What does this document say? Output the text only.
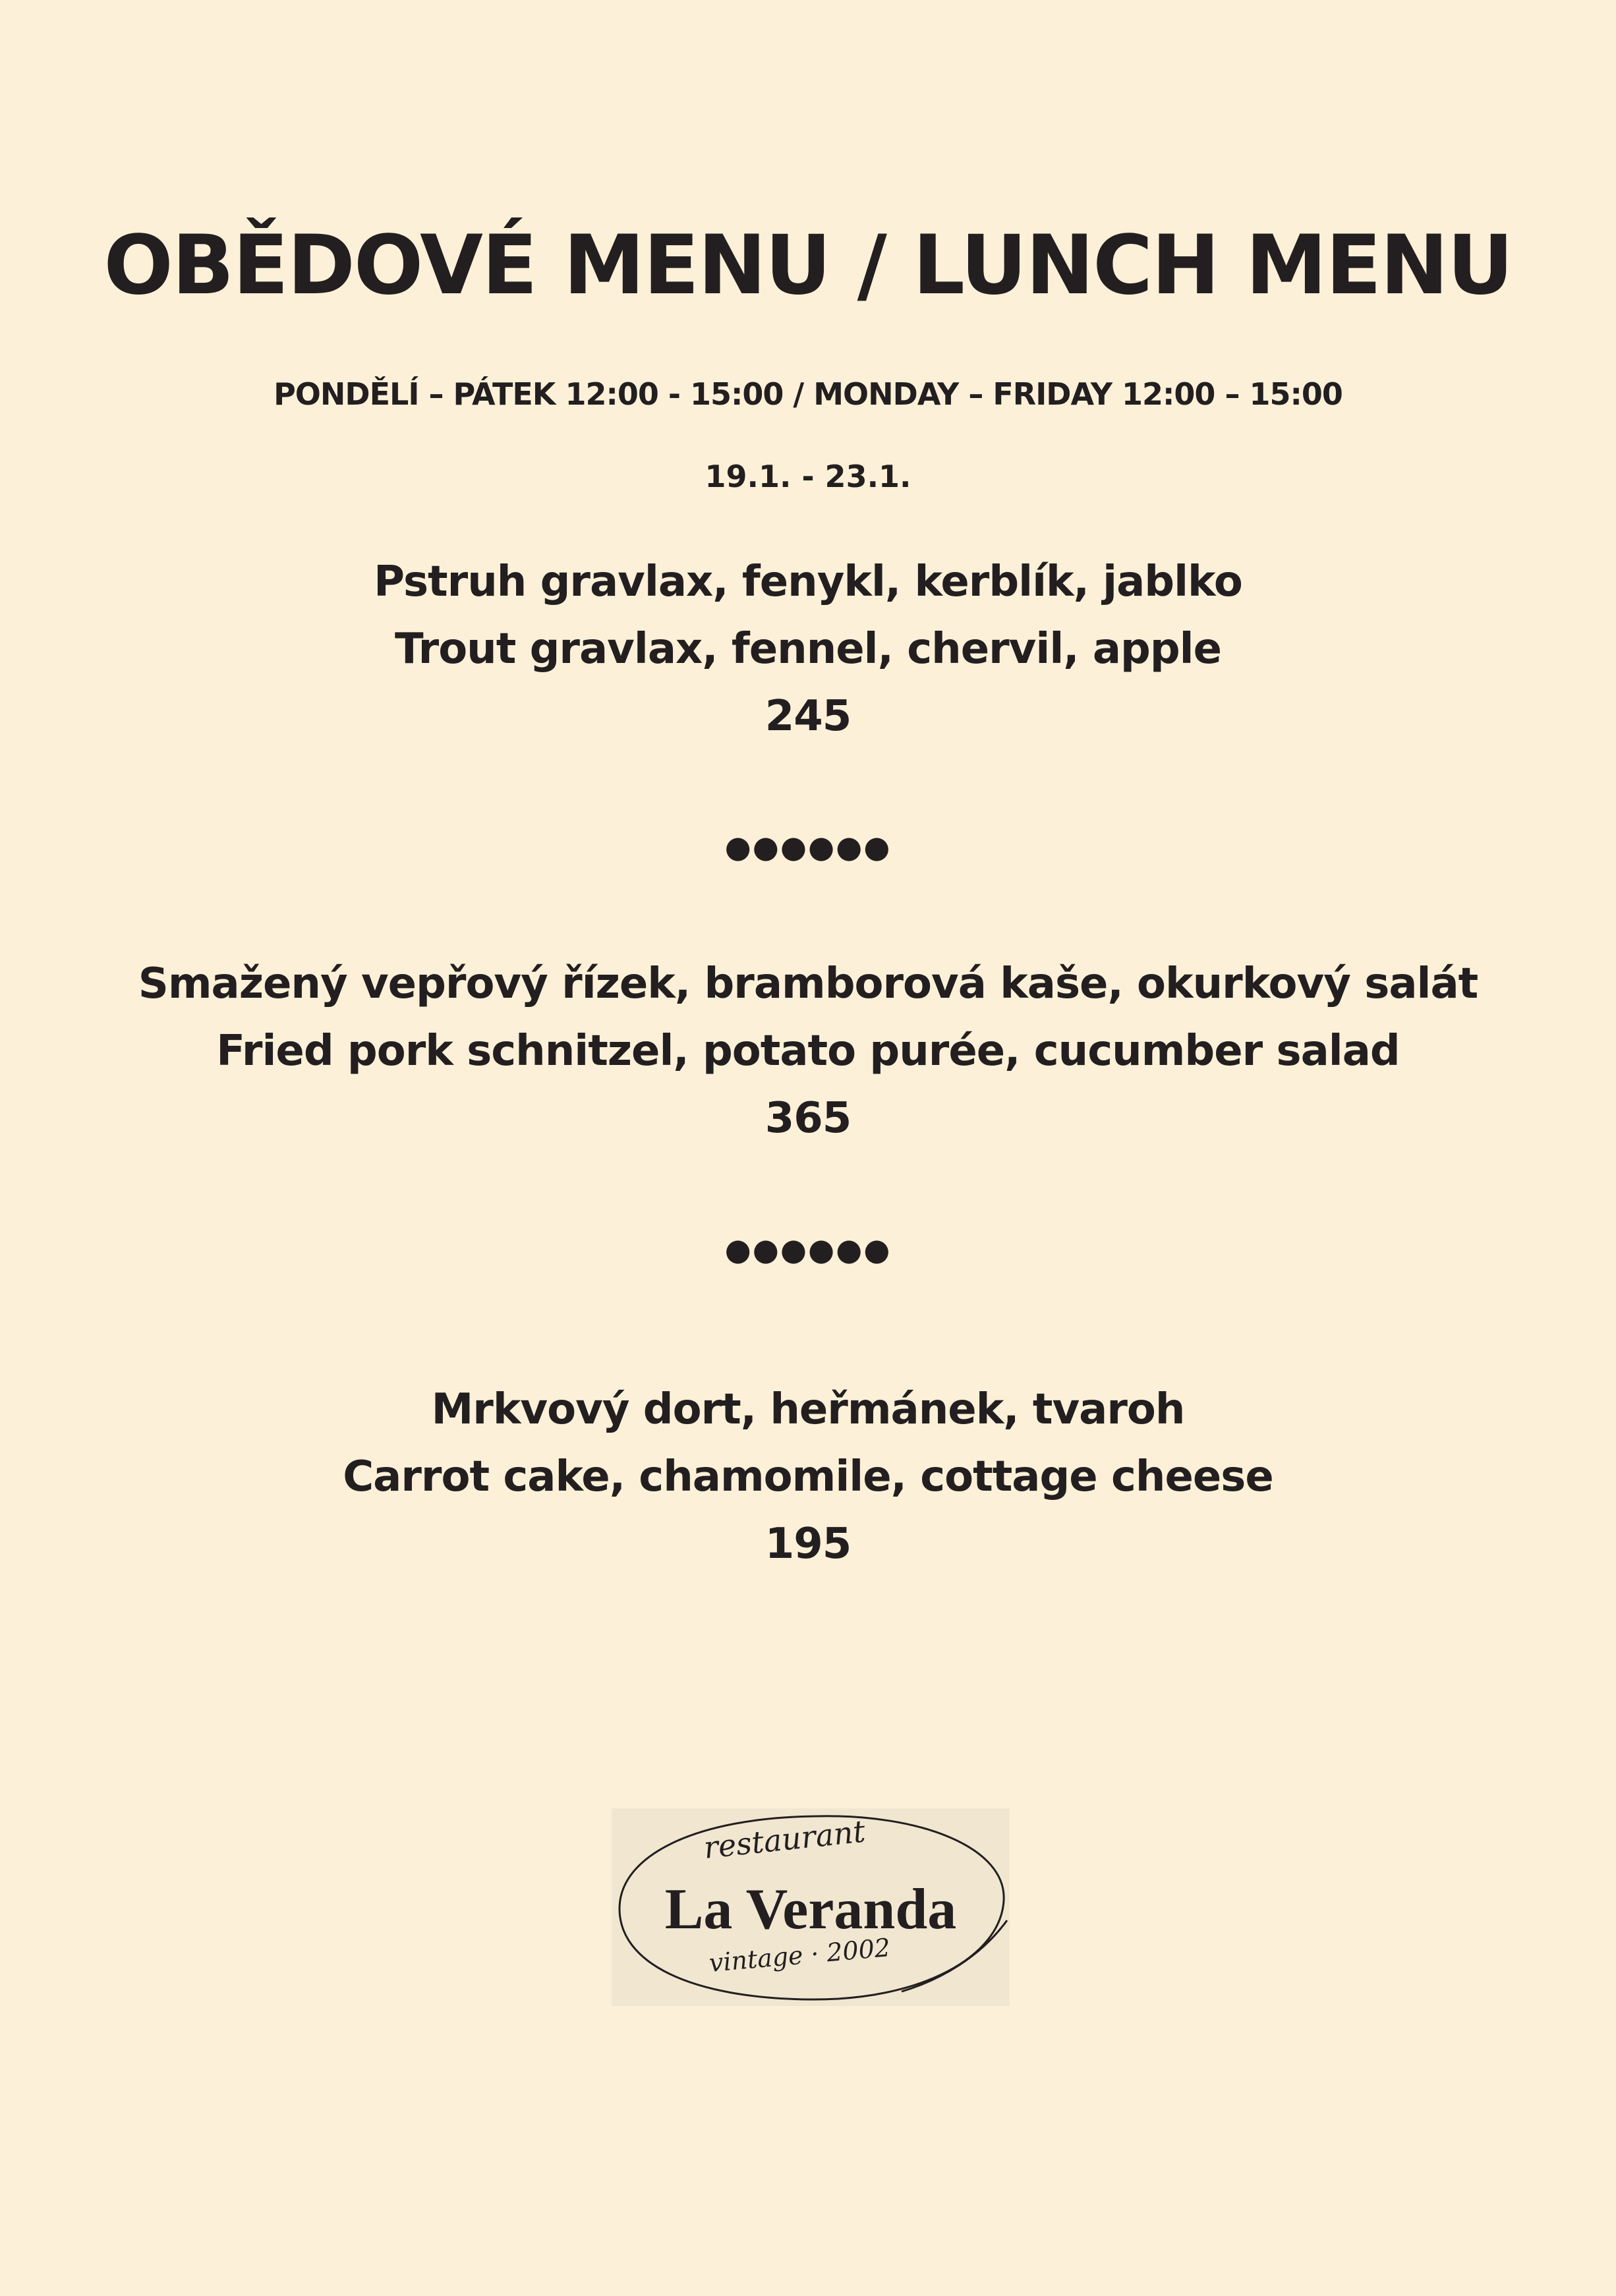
OBĚDOVÉ MENU / LUNCH MENU
PONDĚLÍ – PÁTEK 12:00 - 15:00 / MONDAY – FRIDAY 12:00 – 15:00
19.1. - 23.1.
Pstruh gravlax, fenykl, kerblík, jablko
Trout gravlax, fennel, chervil, apple
245
●●●●●●
Smažený vepřový řízek, bramborová kaše, okurkový salát
Fried pork schnitzel, potato purée, cucumber salad
365
●●●●●●
Mrkvový dort, heřmánek, tvaroh
Carrot cake, chamomile, cottage cheese
195
restaurant
La Veranda
vintage · 2002
